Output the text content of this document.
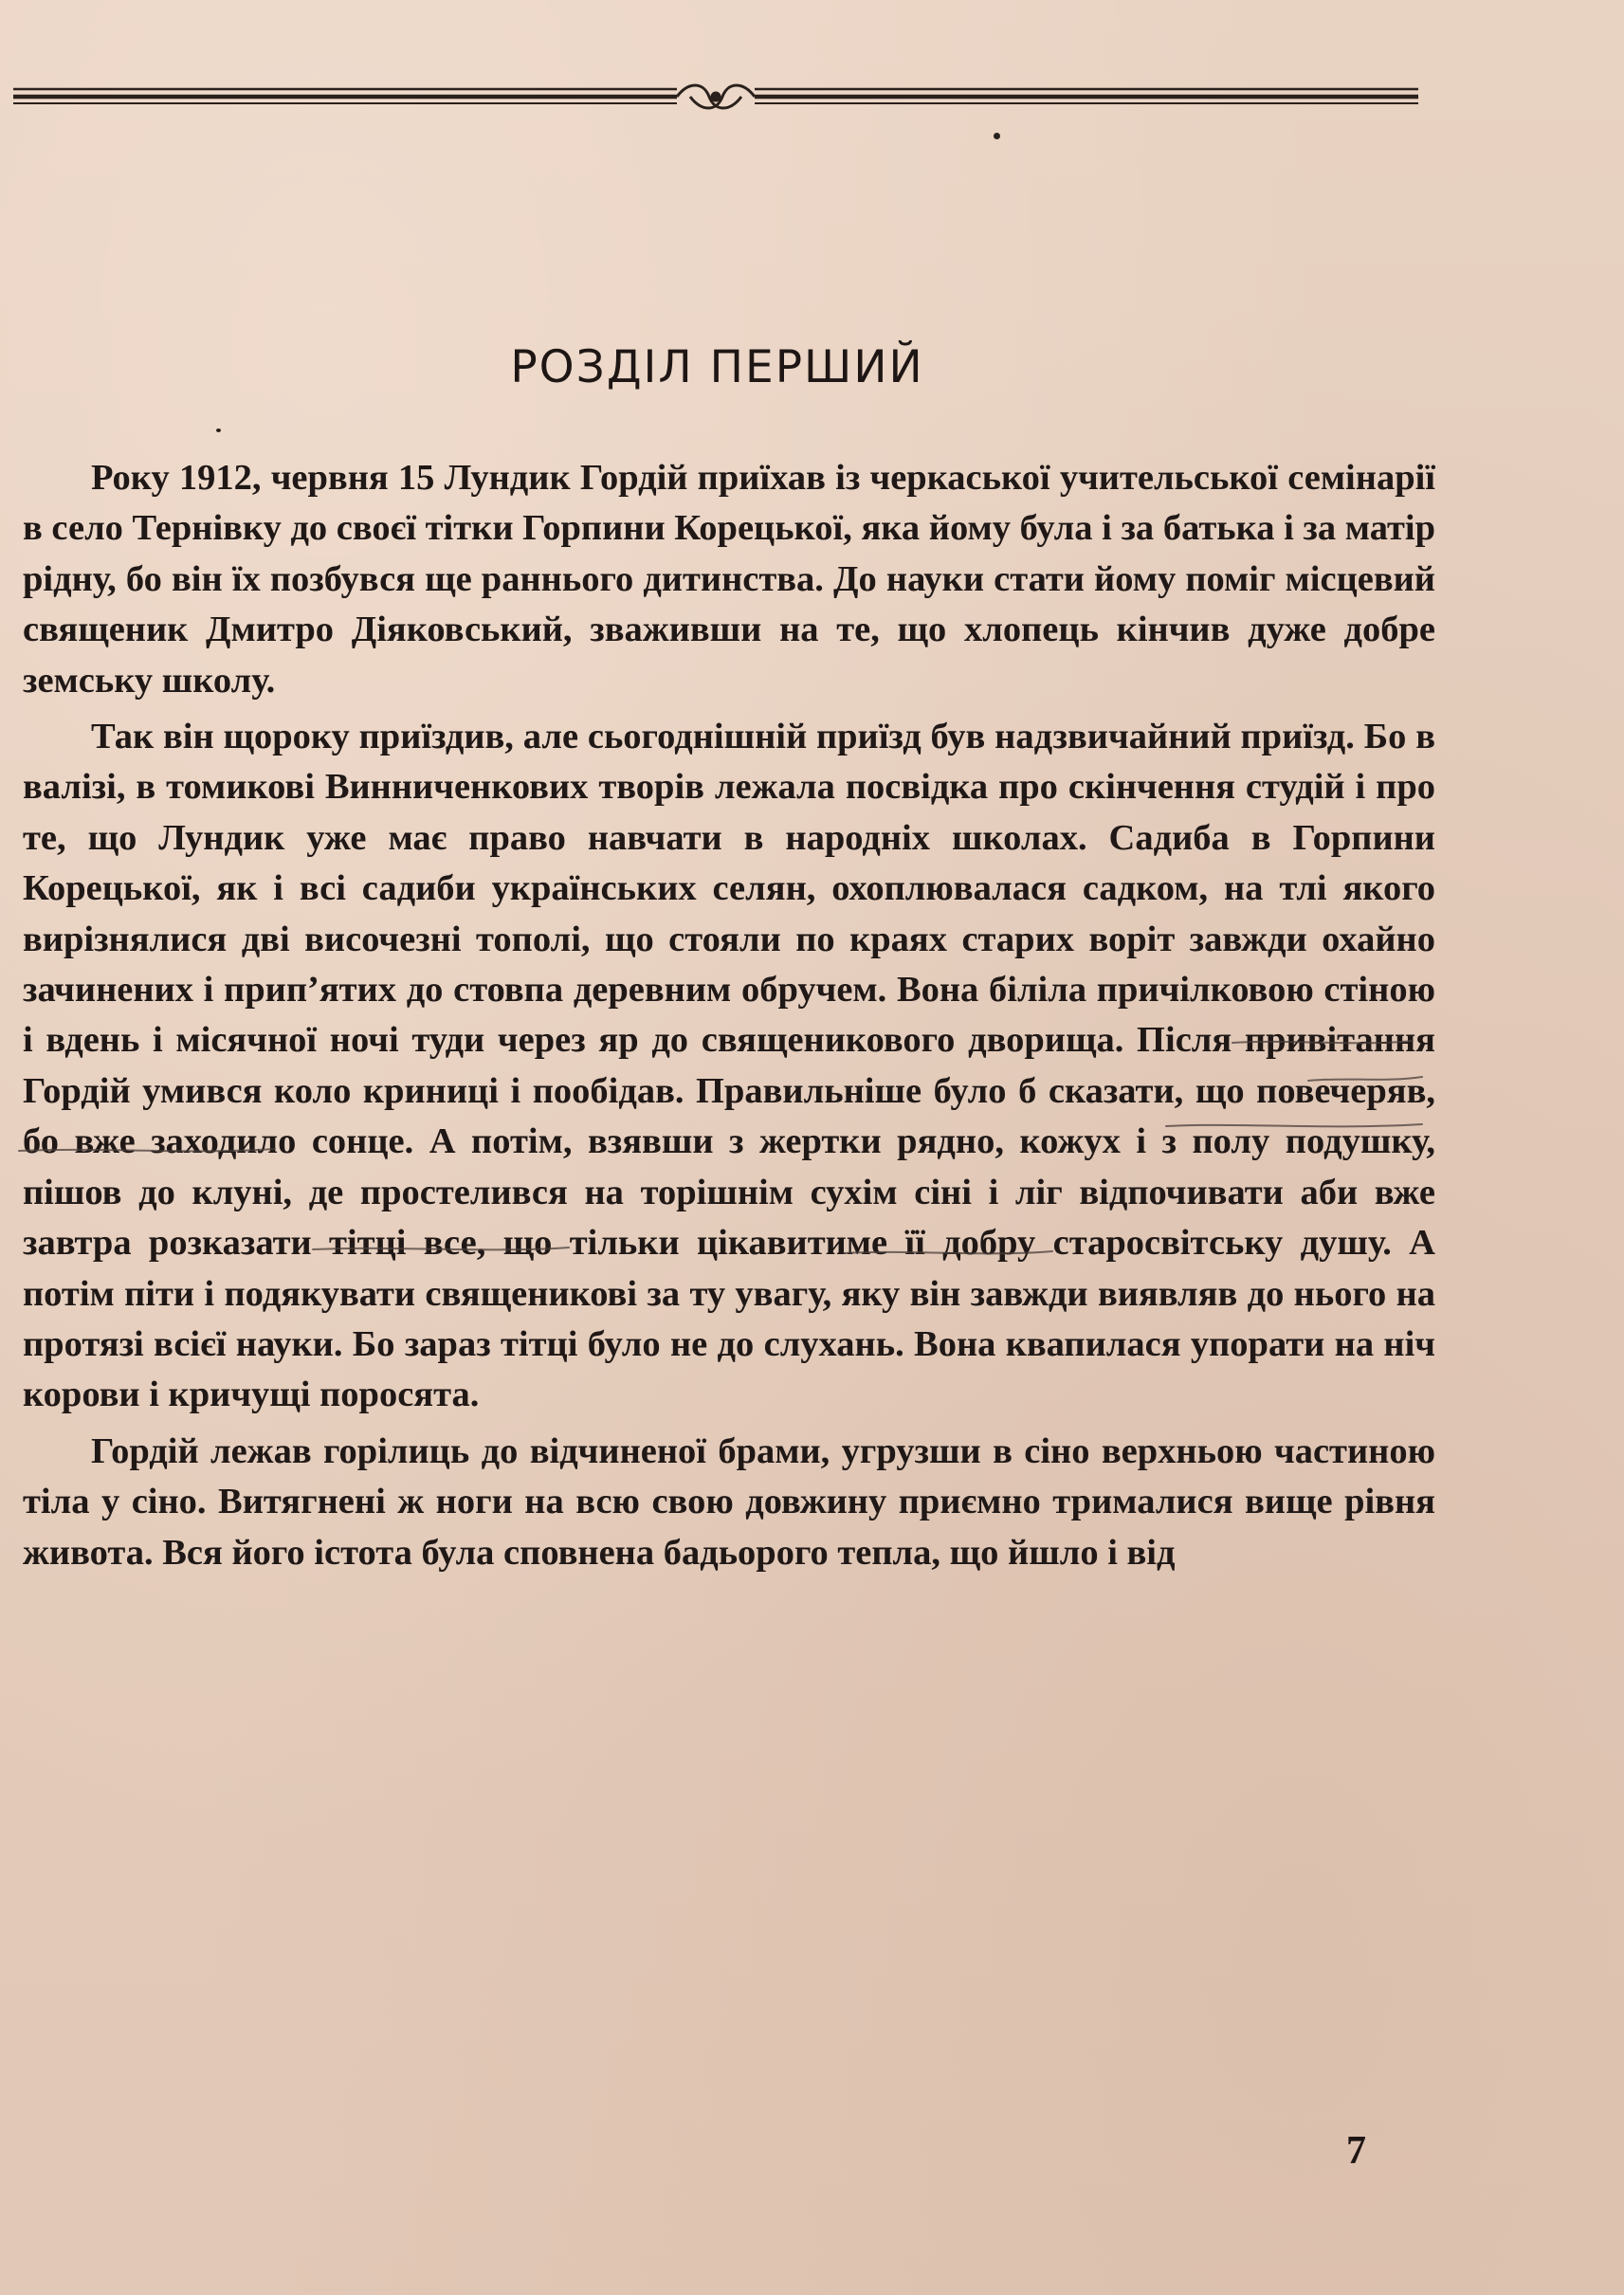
РОЗДІЛ ПЕРШИЙ

Року 1912, червня 15 Лундик Гордій приїхав із черкаської учительської семінарії в село Тернівку до своєї тітки Горпини Корецької, яка йому була і за батька і за матір рідну, бо він їх позбувся ще раннього дитинства. До науки стати йому поміг місцевий священик Дмитро Діяковський, зваживши на те, що хлопець кінчив дуже добре земську школу.

Так він щороку приїздив, але сьогоднішній приїзд був надзвичайний приїзд. Бо в валізі, в томикові Винниченкових творів лежала посвідка про скінчення студій і про те, що Лундик уже має право навчати в народніх школах. Садиба в Горпини Корецької, як і всі садиби українських селян, охоплювалася садком, на тлі якого вирізнялися дві височезні тополі, що стояли по краях старих воріт завжди охайно зачинених і припʼятих до стовпа деревним обручем. Вона біліла причілковою стіною і вдень і місячної ночі туди через яр до священикового дворища. Після привітання Гордій умився коло криниці і пообідав. Правильніше було б сказати, що повечеряв, бо вже заходило сонце. А потім, взявши з жертки рядно, кожух і з полу подушку, пішов до клуні, де простелився на торішнім сухім сіні і ліг відпочивати аби вже завтра розказати тітці все, що тільки цікавитиме її добру старосвітську душу. А потім піти і подякувати священикові за ту увагу, яку він завжди виявляв до нього на протязі всієї науки. Бо зараз тітці було не до слухань. Вона квапилася упорати на ніч корови і кричущі поросята.

Гордій лежав горілиць до відчиненої брами, угрузши в сіно верхньою частиною тіла у сіно. Витягнені ж ноги на всю свою довжину приємно трималися вище рівня живота. Вся його істота була сповнена бадьорого тепла, що йшло і від

7
